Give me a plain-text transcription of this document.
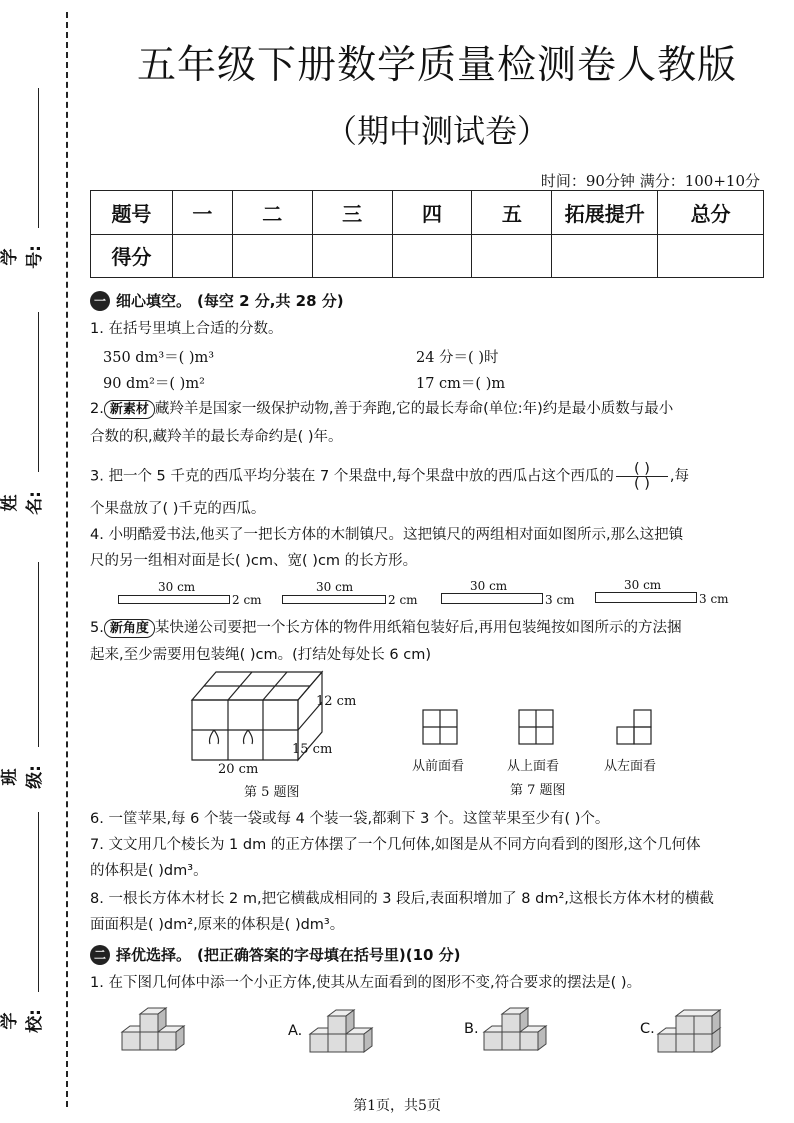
学号:
姓名:
班级:
学校:
五年级下册数学质量检测卷人教版
（期中测试卷）
时间：90分钟 满分：100+10分
题号	一	二	三	四	五	拓展提升	总分
得分							
一 细心填空。 (每空 2 分,共 28 分)
1. 在括号里填上合适的分数。
350 dm³＝( )m³	24 分＝( )时
90 dm²＝( )m²	17 cm＝( )m
2. 新素材 藏羚羊是国家一级保护动物,善于奔跑,它的最长寿命(单位:年)约是最小质数与最小
合数的积,藏羚羊的最长寿命约是( )年。
3. 把一个 5 千克的西瓜平均分装在 7 个果盘中,每个果盘中放的西瓜占这个西瓜的 $\frac{( )}{( )}$ ,每
个果盘放了( )千克的西瓜。
4. 小明酷爱书法,他买了一把长方体的木制镇尺。这把镇尺的两组相对面如图所示,那么这把镇
尺的另一组相对面是长( )cm、宽( )cm 的长方形。
30 cm
2 cm
30 cm
2 cm
30 cm
3 cm
30 cm
3 cm
5. 新角度 某快递公司要把一个长方体的物件用纸箱包装好后,再用包装绳按如图所示的方法捆
起来,至少需要用包装绳( )cm。(打结处每处长 6 cm)
12 cm
15 cm
20 cm
第 5 题图
从前面看	从上面看	从左面看
第 7 题图
6. 一筐苹果,每 6 个装一袋或每 4 个装一袋,都剩下 3 个。这筐苹果至少有( )个。
7. 文文用几个棱长为 1 dm 的正方体摆了一个几何体,如图是从不同方向看到的图形,这个几何体
的体积是( )dm³。
8. 一根长方体木材长 2 m,把它横截成相同的 3 段后,表面积增加了 8 dm²,这根长方体木材的横截
面面积是( )dm²,原来的体积是( )dm³。
二 择优选择。 (把正确答案的字母填在括号里)(10 分)
1. 在下图几何体中添一个小正方体,使其从左面看到的图形不变,符合要求的摆法是( )。
A.	B.	C.
第1页，共5页
